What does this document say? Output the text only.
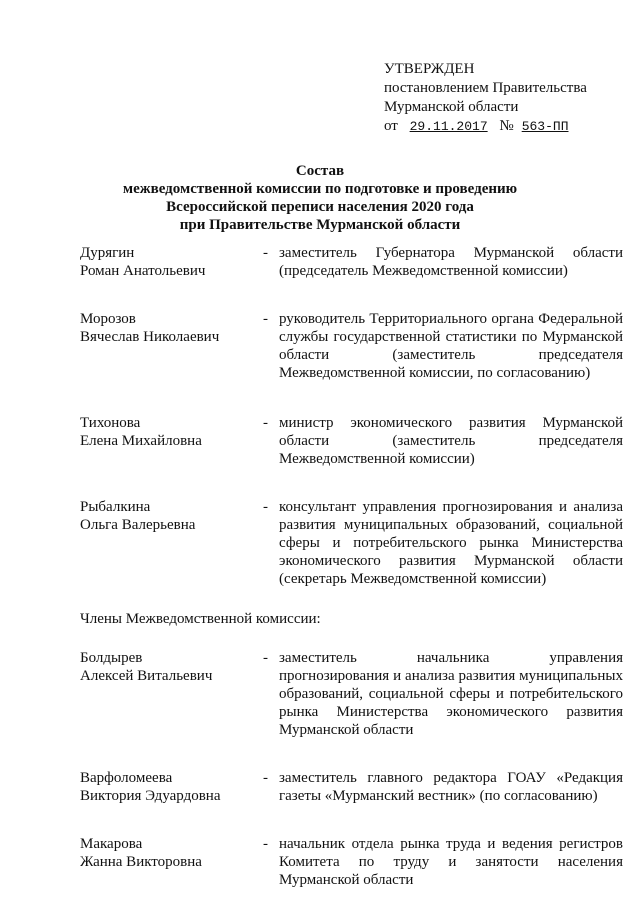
УТВЕРЖДЕН
постановлением Правительства
Мурманской области
от 29.11.2017 № 563-ПП
Состав
межведомственной комиссии по подготовке и проведению
Всероссийской переписи населения 2020 года
при Правительстве Мурманской области
Дурягин
Роман Анатольевич
- заместитель Губернатора Мурманской области (председатель Межведомственной комиссии)
Морозов
Вячеслав Николаевич
- руководитель Территориального органа Федеральной службы государственной статистики по Мурманской области (заместитель председателя Межведомственной комиссии, по согласованию)
Тихонова
Елена Михайловна
- министр экономического развития Мурманской области (заместитель председателя Межведомственной комиссии)
Рыбалкина
Ольга Валерьевна
- консультант управления прогнозирования и анализа развития муниципальных образований, социальной сферы и потребительского рынка Министерства экономического развития Мурманской области (секретарь Межведомственной комиссии)
Члены Межведомственной комиссии:
Болдырев
Алексей Витальевич
- заместитель начальника управления прогнозирования и анализа развития муниципальных образований, социальной сферы и потребительского рынка Министерства экономического развития Мурманской области
Варфоломеева
Виктория Эдуардовна
- заместитель главного редактора ГОАУ «Редакция газеты «Мурманский вестник» (по согласованию)
Макарова
Жанна Викторовна
- начальник отдела рынка труда и ведения регистров Комитета по труду и занятости населения Мурманской области
